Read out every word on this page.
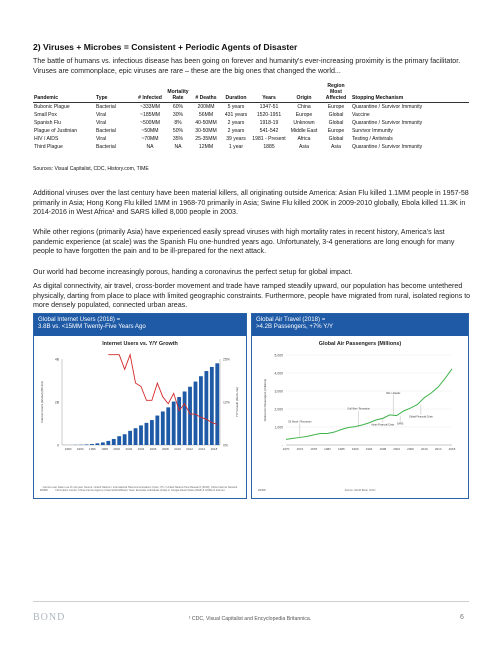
2) Viruses + Microbes = Consistent + Periodic Agents of Disaster
The battle of humans vs. infectious disease has been going on forever and humanity's ever-increasing proximity is the primary facilitator. Viruses are commonplace, epic viruses are rare – these are the big ones that changed the world...
Pandemic	Type	# Infected	Mortality Rate	# Deaths	Duration	Years	Origin	Region Most Affected	Stopping Mechanism
Bubonic Plague	Bacterial	~333MM	60%	200MM	5 years	1347-51	China	Europe	Quarantine / Survivor Immunity
Small Pox	Viral	~185MM	30%	56MM	431 years	1520-1951	Europe	Global	Vaccine
Spanish Flu	Viral	~500MM	8%	40-50MM	2 years	1918-19	Unknown	Global	Quarantine / Survivor Immunity
Plague of Justinian	Bacterial	~50MM	50%	30-50MM	2 years	541-542	Middle East	Europe	Survivor Immunity
HIV / AIDS	Viral	~70MM	35%	25-35MM	39 years	1981 - Present	Africa	Global	Testing / Antivirals
Third Plague	Bacterial	NA	NA	12MM	1 year	1885	Asia	Asia	Quarantine / Survivor Immunity
Sources: Visual Capitalist, CDC, History.com, TIME
Additional viruses over the last century have been material killers, all originating outside America: Asian Flu killed 1.1MM people in 1957-58 primarily in Asia; Hong Kong Flu killed 1MM in 1968-70 primarily in Asia; Swine Flu killed 200K in 2009-2010 globally, Ebola killed 11.3K in 2014-2016 in West Africa¹ and SARS killed 8,000 people in 2003.
While other regions (primarily Asia) have experienced easily spread viruses with high mortality rates in recent history, America's last pandemic experience (at scale) was the Spanish Flu one-hundred years ago. Unfortunately, 3-4 generations are long enough for many people to have forgotten the pain and to be ill-prepared for the next attack.
Our world had become increasingly porous, handing a coronavirus the perfect setup for global impact.
As digital connectivity, air travel, cross-border movement and trade have ramped steadily upward, our population has become untethered physically, darting from place to place with limited geographic constraints. Furthermore, people have migrated from rural, isolated regions to more densely populated, connected urban areas.
Global Internet Users (2018) =
3.8B vs. <15MM Twenty-Five Years Ago
Internet Users vs. Y/Y Growth
0
2B
4B
0%
12%
25%
1990 1994 1996 1998 2000 2002 2004 2006 2008 2010 2012 2014 2018
Internet Users (Global) (Bil.Ind)	Y/Y Growth (Red Line)
Internet user data is as of mid-year. Source: United Nations / International Telecommunications Union, ITU / United Nations Pew Research (2018), China Internet Network Information Center, China Internet Agency (InternetWorldStats). Note: Excludes individuals (India) in Google-Reach Data (2018) & GSMA & Internet
BOND
Global Air Travel (2018) =
>4.2B Passengers, +7% Y/Y
Global Air Passengers (Millions)
-
1,000
2,000
3,000
4,000
5,000
1970 1974 1978 1982 1986 1990 1994 1998 2002 2006 2010 2014 2018
Global Air Passengers (millions)
Oil Shock / Recession
Gulf War / Recession
9/11 / Attacks
SARS
Global Financial Crisis
Asian Financial Crisis
Source: World Bank, ICAO
BOND
BOND	¹ CDC, Visual Capitalist and Encyclopedia Britannica.	6
